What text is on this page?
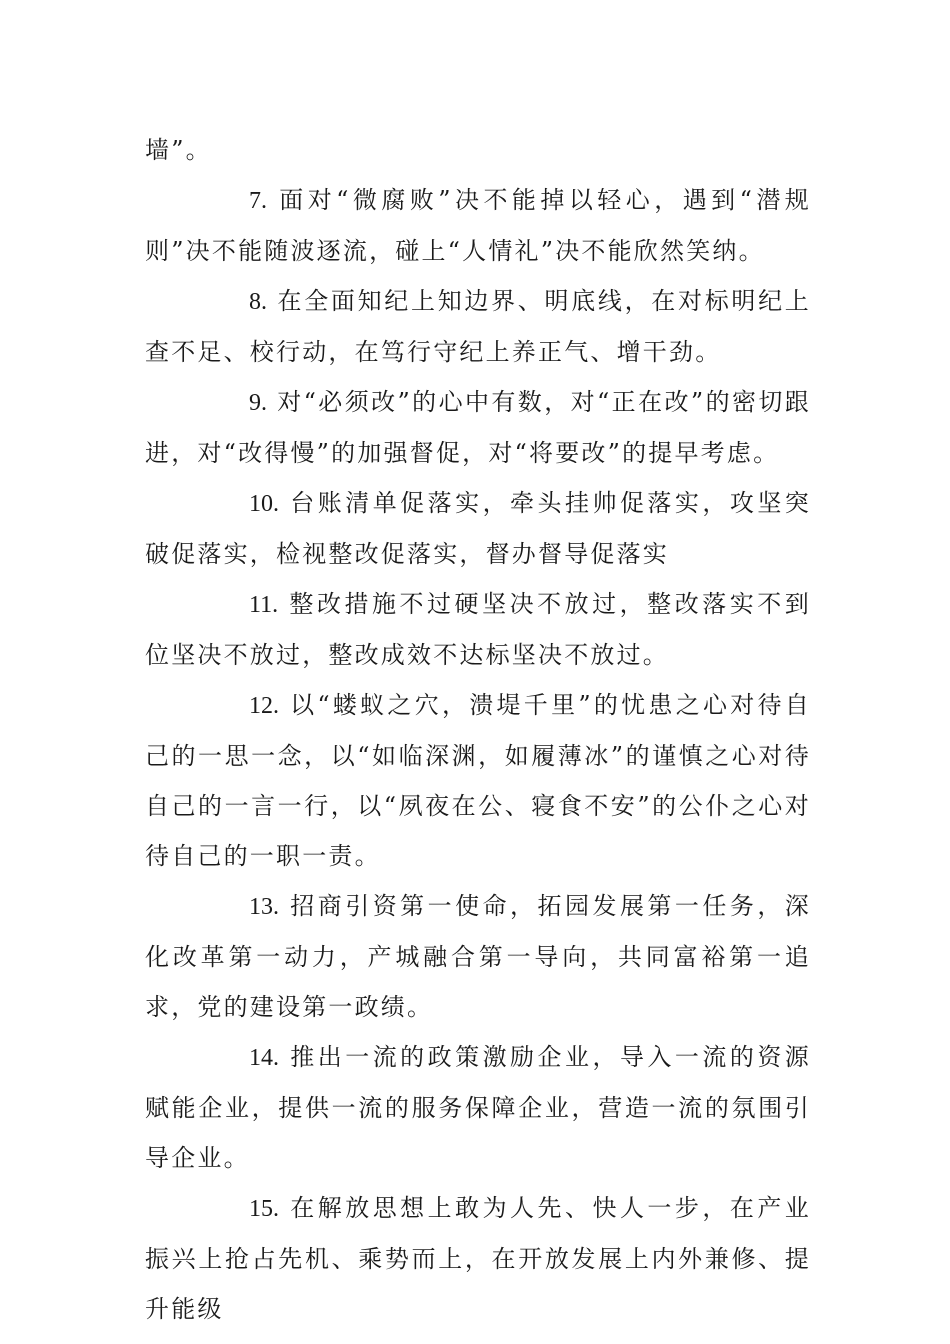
墙”。

7. 面对“微腐败”决不能掉以轻心，遇到“潜规则”决不能随波逐流，碰上“人情礼”决不能欣然笑纳。

8. 在全面知纪上知边界、明底线，在对标明纪上查不足、校行动，在笃行守纪上养正气、增干劲。

9. 对“必须改”的心中有数，对“正在改”的密切跟进，对“改得慢”的加强督促，对“将要改”的提早考虑。

10. 台账清单促落实，牵头挂帅促落实，攻坚突破促落实，检视整改促落实，督办督导促落实

11. 整改措施不过硬坚决不放过，整改落实不到位坚决不放过，整改成效不达标坚决不放过。

12. 以“蝼蚁之穴，溃堤千里”的忧患之心对待自己的一思一念，以“如临深渊，如履薄冰”的谨慎之心对待自己的一言一行，以“夙夜在公、寝食不安”的公仆之心对待自己的一职一责。

13. 招商引资第一使命，拓园发展第一任务，深化改革第一动力，产城融合第一导向，共同富裕第一追求，党的建设第一政绩。

14. 推出一流的政策激励企业，导入一流的资源赋能企业，提供一流的服务保障企业，营造一流的氛围引导企业。

15. 在解放思想上敢为人先、快人一步，在产业振兴上抢占先机、乘势而上，在开放发展上内外兼修、提升能级
